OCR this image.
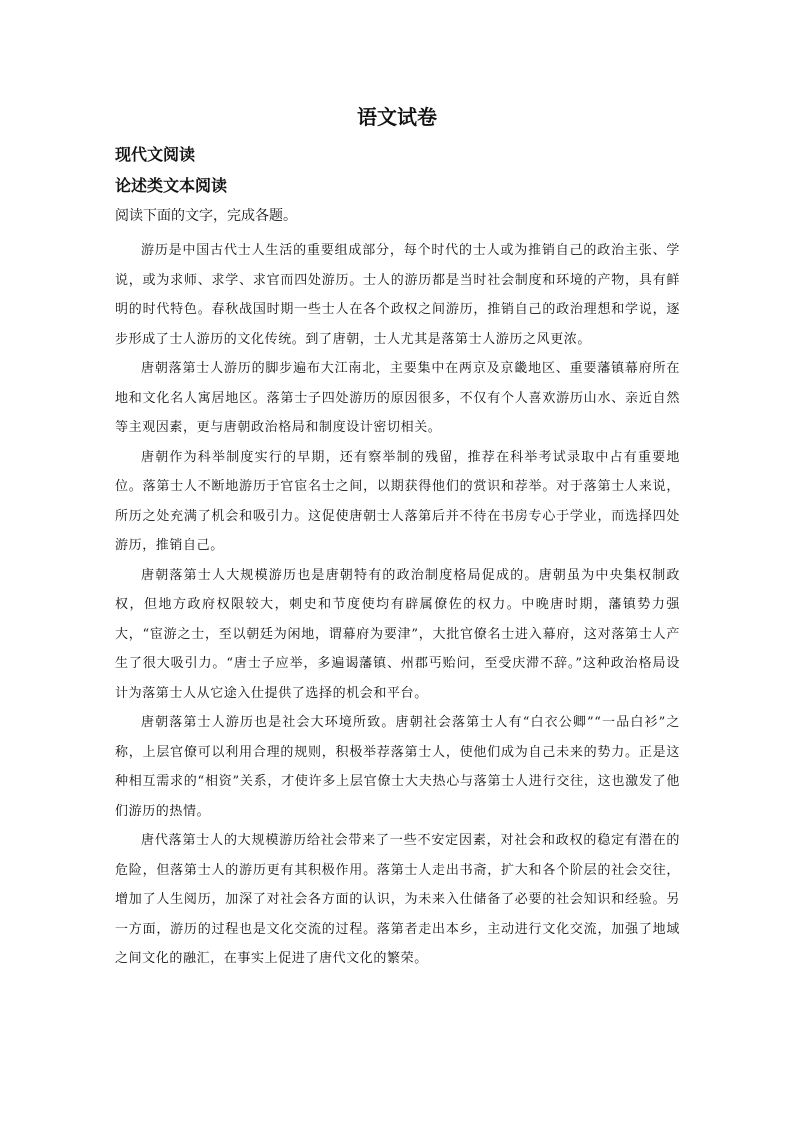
语文试卷
现代文阅读
论述类文本阅读

阅读下面的文字，完成各题。

游历是中国古代士人生活的重要组成部分，每个时代的士人或为推销自己的政治主张、学说，或为求师、求学、求官而四处游历。士人的游历都是当时社会制度和环境的产物，具有鲜明的时代特色。春秋战国时期一些士人在各个政权之间游历，推销自己的政治理想和学说，逐步形成了士人游历的文化传统。到了唐朝，士人尤其是落第士人游历之风更浓。

唐朝落第士人游历的脚步遍布大江南北，主要集中在两京及京畿地区、重要藩镇幕府所在地和文化名人寓居地区。落第士子四处游历的原因很多，不仅有个人喜欢游历山水、亲近自然等主观因素，更与唐朝政治格局和制度设计密切相关。

唐朝作为科举制度实行的早期，还有察举制的残留，推荐在科举考试录取中占有重要地位。落第士人不断地游历于官宦名士之间，以期获得他们的赏识和荐举。对于落第士人来说，所历之处充满了机会和吸引力。这促使唐朝士人落第后并不待在书房专心于学业，而选择四处游历，推销自己。

唐朝落第士人大规模游历也是唐朝特有的政治制度格局促成的。唐朝虽为中央集权制政权，但地方政府权限较大，刺史和节度使均有辟属僚佐的权力。中晚唐时期，藩镇势力强大，“宦游之士，至以朝廷为闲地，谓幕府为要津”，大批官僚名士进入幕府，这对落第士人产生了很大吸引力。“唐士子应举，多遍谒藩镇、州郡丐贻问，至受庆滞不辞。”这种政治格局设计为落第士人从它途入仕提供了选择的机会和平台。

唐朝落第士人游历也是社会大环境所致。唐朝社会落第士人有“白衣公卿”“一品白衫”之称，上层官僚可以利用合理的规则，积极举荐落第士人，使他们成为自己未来的势力。正是这种相互需求的“相资”关系，才使许多上层官僚士大夫热心与落第士人进行交往，这也激发了他们游历的热情。

唐代落第士人的大规模游历给社会带来了一些不安定因素，对社会和政权的稳定有潜在的危险，但落第士人的游历更有其积极作用。落第士人走出书斋，扩大和各个阶层的社会交往，增加了人生阅历，加深了对社会各方面的认识，为未来入仕储备了必要的社会知识和经验。另一方面，游历的过程也是文化交流的过程。落第者走出本乡，主动进行文化交流，加强了地域之间文化的融汇，在事实上促进了唐代文化的繁荣。
